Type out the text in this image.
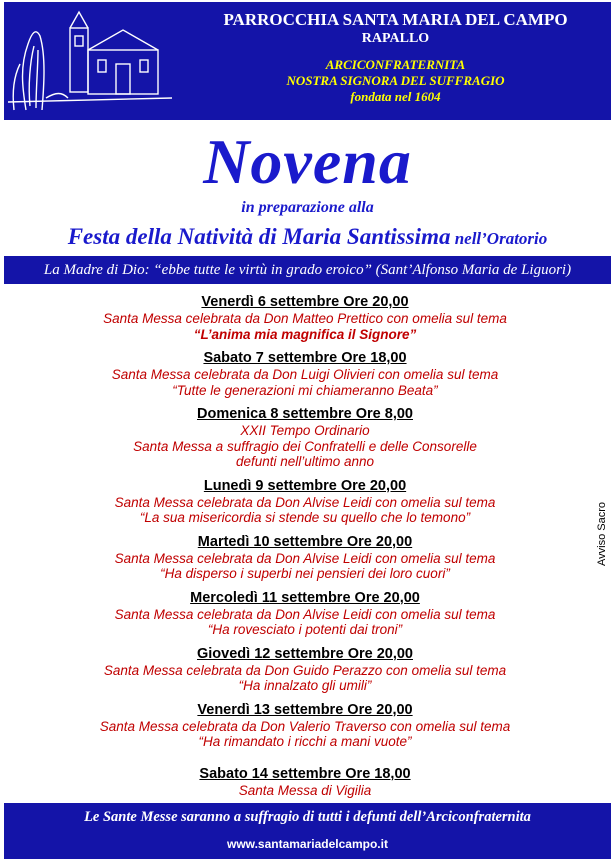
PARROCCHIA SANTA MARIA DEL CAMPO
RAPALLO
ARCICONFRATERNITA
NOSTRA SIGNORA DEL SUFFRAGIO
fondata nel 1604
Novena
in preparazione alla
Festa della Natività di Maria Santissima nell’Oratorio
La Madre di Dio: “ebbe tutte le virtù in grado eroico” (Sant’Alfonso Maria de Liguori)
Venerdì 6 settembre Ore 20,00
Santa Messa celebrata da Don Matteo Prettico con omelia sul tema
“L’anima mia magnifica il Signore”
Sabato 7 settembre Ore 18,00
Santa Messa celebrata da Don Luigi Olivieri con omelia sul tema
“Tutte le generazioni mi chiameranno Beata”
Domenica 8 settembre Ore 8,00
XXII Tempo Ordinario
Santa Messa a suffragio dei Confratelli e delle Consorelle
defunti nell’ultimo anno
Lunedì 9 settembre Ore 20,00
Santa Messa celebrata da Don Alvise Leidi con omelia sul tema
“La sua misericordia si stende su quello che lo temono”
Martedì 10 settembre Ore 20,00
Santa Messa celebrata da Don Alvise Leidi con omelia sul tema
“Ha disperso i superbi nei pensieri dei loro cuori”
Mercoledì 11 settembre Ore 20,00
Santa Messa celebrata da Don Alvise Leidi con omelia sul tema
“Ha rovesciato i potenti dai troni”
Giovedì 12 settembre Ore 20,00
Santa Messa celebrata da Don Guido Perazzo con omelia sul tema
“Ha innalzato gli umili”
Venerdì 13 settembre Ore 20,00
Santa Messa celebrata da Don Valerio Traverso con omelia sul tema
“Ha rimandato i ricchi a mani vuote”
Sabato 14 settembre Ore 18,00
Santa Messa di Vigilia
Avviso Sacro
Le Sante Messe saranno a suffragio di tutti i defunti dell’Arciconfraternita
www.santamariadelcampo.it
